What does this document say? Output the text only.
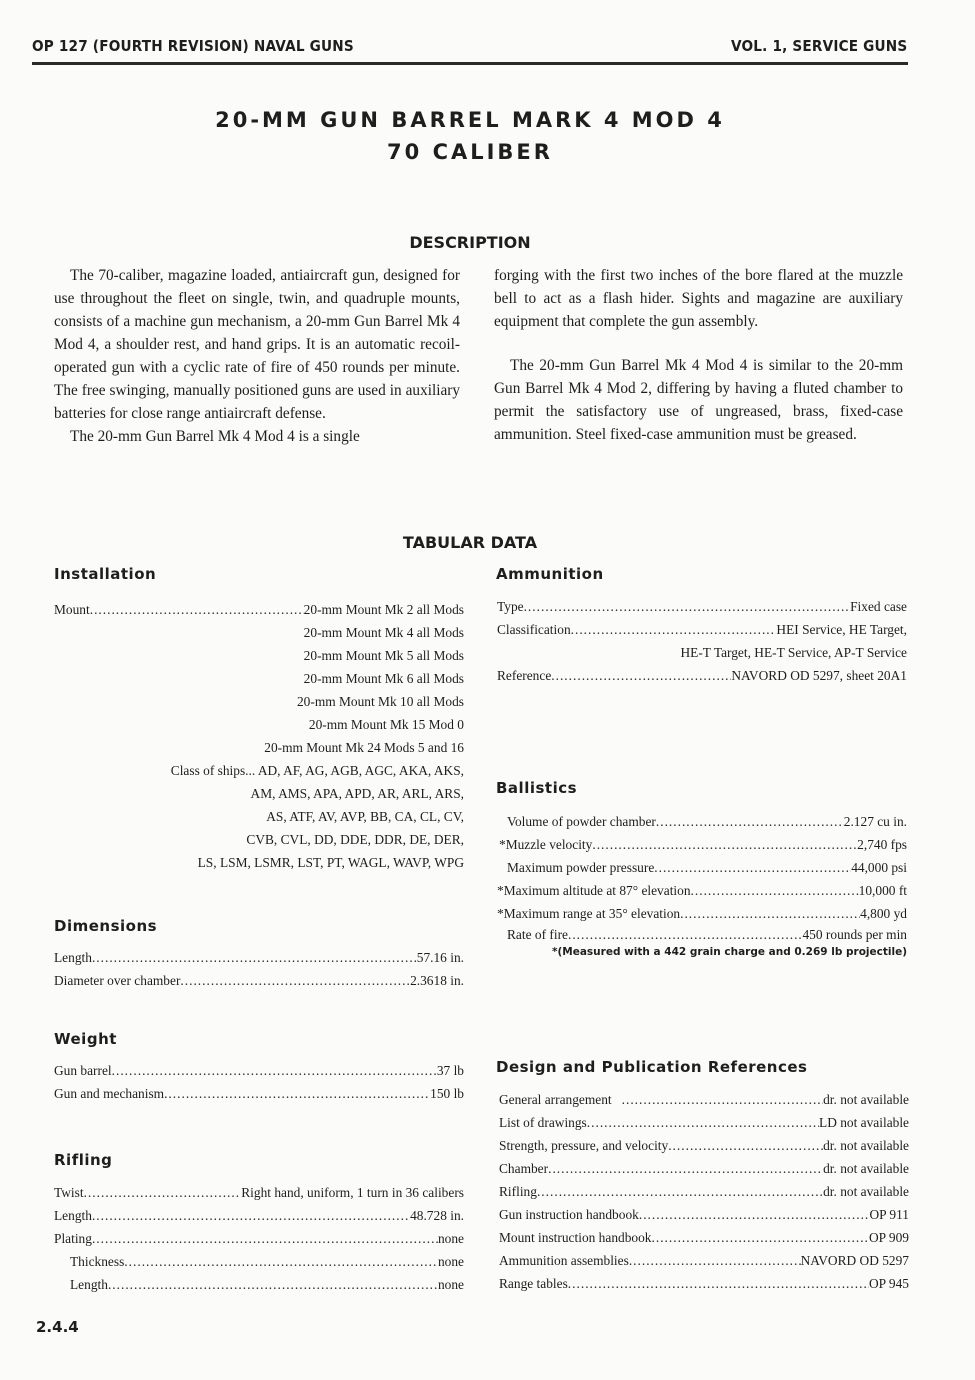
OP 127 (FOURTH REVISION) NAVAL GUNS	VOL. 1, SERVICE GUNS
20-MM GUN BARREL MARK 4 MOD 4
70 CALIBER
DESCRIPTION
The 70-caliber, magazine loaded, antiaircraft gun, designed for use throughout the fleet on single, twin, and quadruple mounts, consists of a machine gun mechanism, a 20-mm Gun Barrel Mk 4 Mod 4, a shoulder rest, and hand grips. It is an automatic recoil-operated gun with a cyclic rate of fire of 450 rounds per minute. The free swinging, manually positioned guns are used in auxiliary batteries for close range antiaircraft defense.
The 20-mm Gun Barrel Mk 4 Mod 4 is a single
forging with the first two inches of the bore flared at the muzzle bell to act as a flash hider. Sights and magazine are auxiliary equipment that complete the gun assembly.
The 20-mm Gun Barrel Mk 4 Mod 4 is similar to the 20-mm Gun Barrel Mk 4 Mod 2, differing by having a fluted chamber to permit the satisfactory use of ungreased, brass, fixed-case ammunition. Steel fixed-case ammunition must be greased.
TABULAR DATA
Installation
Mount .....	20-mm Mount Mk 2 all Mods
20-mm Mount Mk 4 all Mods
20-mm Mount Mk 5 all Mods
20-mm Mount Mk 6 all Mods
20-mm Mount Mk 10 all Mods
20-mm Mount Mk 15 Mod 0
20-mm Mount Mk 24 Mods 5 and 16
Class of ships... AD, AF, AG, AGB, AGC, AKA, AKS,
AM, AMS, APA, APD, AR, ARL, ARS,
AS, ATF, AV, AVP, BB, CA, CL, CV,
CVB, CVL, DD, DDE, DDR, DE, DER,
LS, LSM, LSMR, LST, PT, WAGL, WAVP, WPG
Dimensions
Length .....	57.16 in.
Diameter over chamber .....	2.3618 in.
Weight
Gun barrel .....	37 lb
Gun and mechanism .....	150 lb
Rifling
Twist .....	Right hand, uniform, 1 turn in 36 calibers
Length .....	48.728 in.
Plating .....	none
Thickness .....	none
Length .....	none
Ammunition
Type .....	Fixed case
Classification .....	HEI Service, HE Target,
HE-T Target, HE-T Service, AP-T Service
Reference .....	NAVORD OD 5297, sheet 20A1
Ballistics
Volume of powder chamber .....	2.127 cu in.
*Muzzle velocity .....	2,740 fps
Maximum powder pressure .....	44,000 psi
*Maximum altitude at 87° elevation .....	10,000 ft
*Maximum range at 35° elevation .....	4,800 yd
Rate of fire .....	450 rounds per min
*(Measured with a 442 grain charge and 0.269 lb projectile)
Design and Publication References
General arrangement .....	dr. not available
List of drawings .....	LD not available
Strength, pressure, and velocity .....	dr. not available
Chamber .....	dr. not available
Rifling .....	dr. not available
Gun instruction handbook .....	OP 911
Mount instruction handbook .....	OP 909
Ammunition assemblies .....	NAVORD OD 5297
Range tables .....	OP 945
2.4.4
